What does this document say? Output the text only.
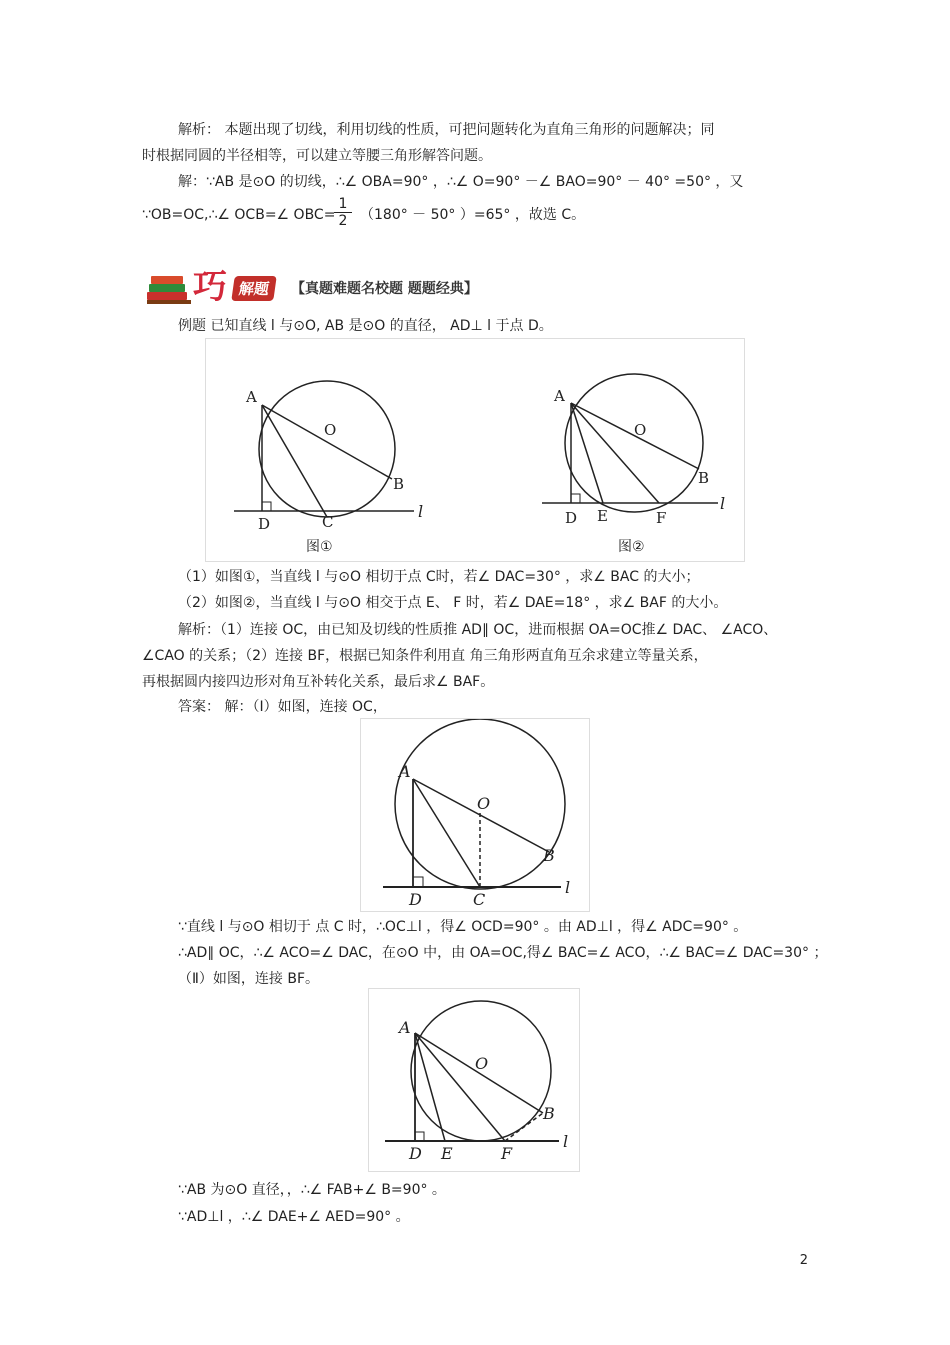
解析： 本题出现了切线，利用切线的性质，可把问题转化为直角三角形的问题解决；同
时根据同圆的半径相等，可以建立等腰三角形解答问题。
解：∵AB 是⊙O 的切线，∴∠ OBA=90° ，∴∠ O=90° －∠ BAO=90° － 40° =50° ，又
∵OB=OC,∴∠ OCB=∠ OBC=
$\frac{1}{2} (180^\circ - 50^\circ$ ）=65° ，故选 C。
巧 解题	【真题难题名校题 题题经典】
例题 已知直线 l 与⊙O, AB 是⊙O 的直径， AD⊥ l 于点 D。
A
O
B
D	C
l
图①
A
O
B
D E	F
l
图②
（1）如图①，当直线 l 与⊙O 相切于点 C时，若∠ DAC=30° ，求∠ BAC 的大小；
（2）如图②，当直线 l 与⊙O 相交于点 E、 F 时，若∠ DAE=18° ，求∠ BAF 的大小。
解析：（1）连接 OC，由已知及切线的性质推 AD∥ OC，进而根据 OA=OC推∠ DAC、 ∠ACO、
∠CAO 的关系；（2）连接 BF，根据已知条件利用直 角三角形两直角互余求建立等量关系，
再根据圆内接四边形对角互补转化关系，最后求∠ BAF。
答案： 解：（Ⅰ）如图，连接 OC，
A
O
B
D	C
l
∵直线 l 与⊙O 相切于 点 C 时，∴OC⊥l ，得∠ OCD=90° 。由 AD⊥l ，得∠ ADC=90° 。
∴AD∥ OC，∴∠ ACO=∠ DAC，在⊙O 中，由 OA=OC,得∠ BAC=∠ ACO，∴∠ BAC=∠ DAC=30° ；
（Ⅱ）如图，连接 BF。
A
O
B
D E	F
l
∵AB 为⊙O 直径，，∴∠ FAB+∠ B=90° 。
∵AD⊥l ，∴∠ DAE+∠ AED=90° 。
2
